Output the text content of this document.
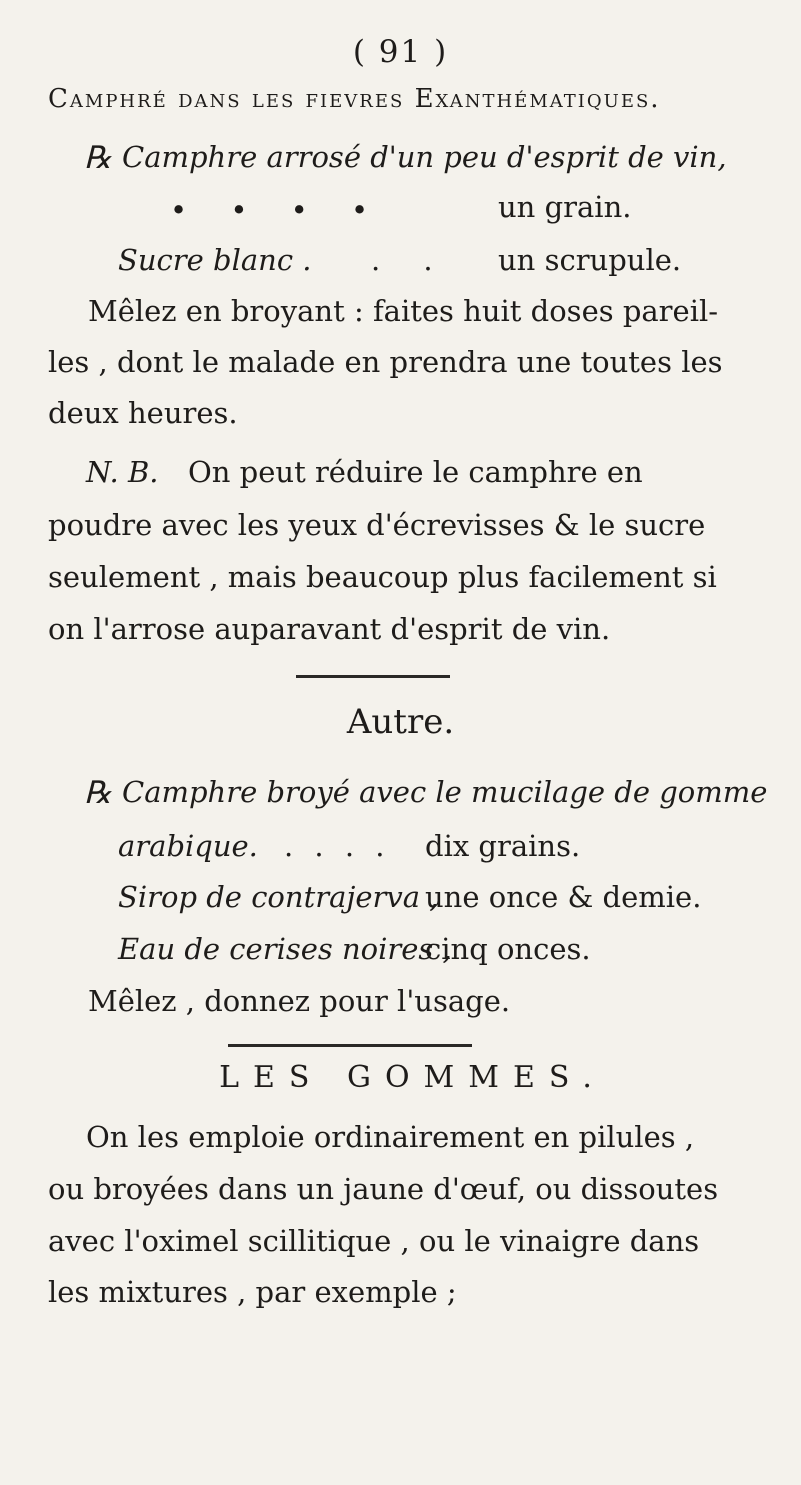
( 91 )
Camphré dans les fievres Exanthématiques.
℞ Camphre arrosé d'un peu d'esprit de vin,
• • • •	un grain.
Sucre blanc . . . un scrupule.
Mêlez en broyant : faites huit doses pareil-
les , dont le malade en prendra une toutes les
deux heures.
N. B. On peut réduire le camphre en
poudre avec les yeux d'écrevisses & le sucre
seulement , mais beaucoup plus facilement si
on l'arrose auparavant d'esprit de vin.
Autre.
℞ Camphre broyé avec le mucilage de gomme
arabique. . . . . dix grains.
Sirop de contrajerva ,
une once & demie.
Eau de cerises noires ,
cinq onces.
Mêlez , donnez pour l'usage.
LES GOMMES.
On les emploie ordinairement en pilules ,
ou broyées dans un jaune d'œuf, ou dissoutes
avec l'oximel scillitique , ou le vinaigre dans
les mixtures , par exemple ;
